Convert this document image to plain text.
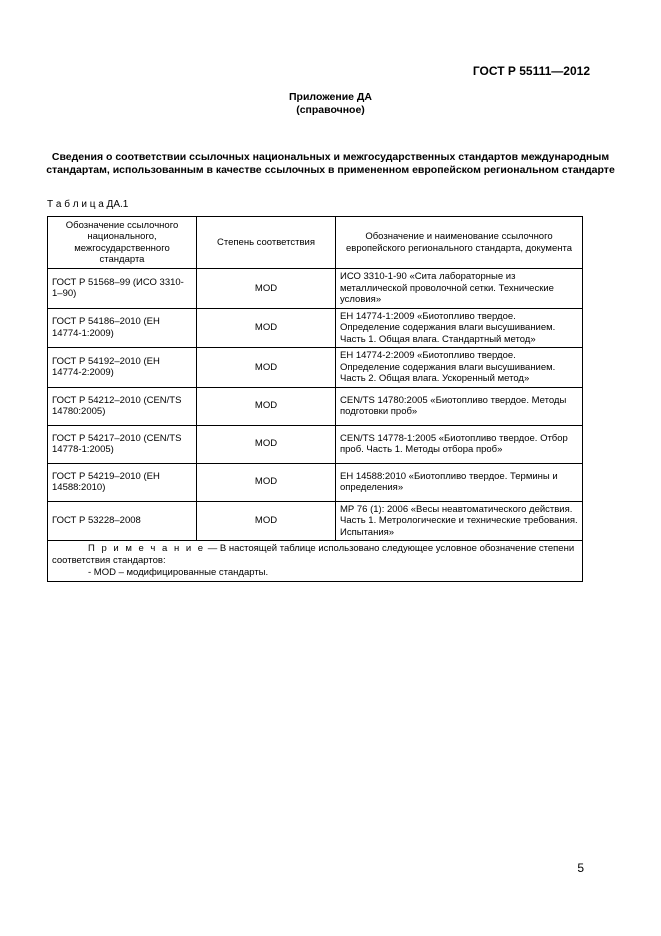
ГОСТ Р 55111—2012
Приложение ДА
(справочное)
Сведения о соответствии ссылочных национальных и межгосударственных стандартов международным стандартам, использованным в качестве ссылочных в примененном европейском региональном стандарте
Т а б л и ц а ДА.1
Обозначение ссылочного национального, межгосударственного стандарта	Степень соответствия	Обозначение и наименование ссылочного европейского регионального стандарта, документа
ГОСТ Р 51568–99 (ИСО 3310-1–90)	MOD	ИСО 3310-1-90 «Сита лабораторные из металлической проволочной сетки. Технические условия»
ГОСТ Р 54186–2010 (ЕН 14774-1:2009)	MOD	ЕН 14774-1:2009 «Биотопливо твердое. Определение содержания влаги высушиванием. Часть 1. Общая влага. Стандартный метод»
ГОСТ Р 54192–2010 (ЕН 14774-2:2009)	MOD	ЕН 14774-2:2009 «Биотопливо твердое. Определение содержания влаги высушиванием. Часть 2. Общая влага. Ускоренный метод»
ГОСТ Р 54212–2010 (CEN/TS 14780:2005)	MOD	CEN/TS 14780:2005 «Биотопливо твердое. Методы подготовки проб»
ГОСТ Р 54217–2010 (CEN/TS 14778-1:2005)	MOD	CEN/TS 14778-1:2005 «Биотопливо твердое. Отбор проб. Часть 1. Методы отбора проб»
ГОСТ Р 54219–2010 (ЕН 14588:2010)	MOD	ЕН 14588:2010 «Биотопливо твердое. Термины и определения»
ГОСТ Р 53228–2008	MOD	МР 76 (1): 2006 «Весы неавтоматического действия. Часть 1. Метрологические и технические требования. Испытания»

П р и м е ч а н и е — В настоящей таблице использовано следующее условное обозначение степени соответствия стандартов:
- MOD – модифицированные стандарты.		
5
